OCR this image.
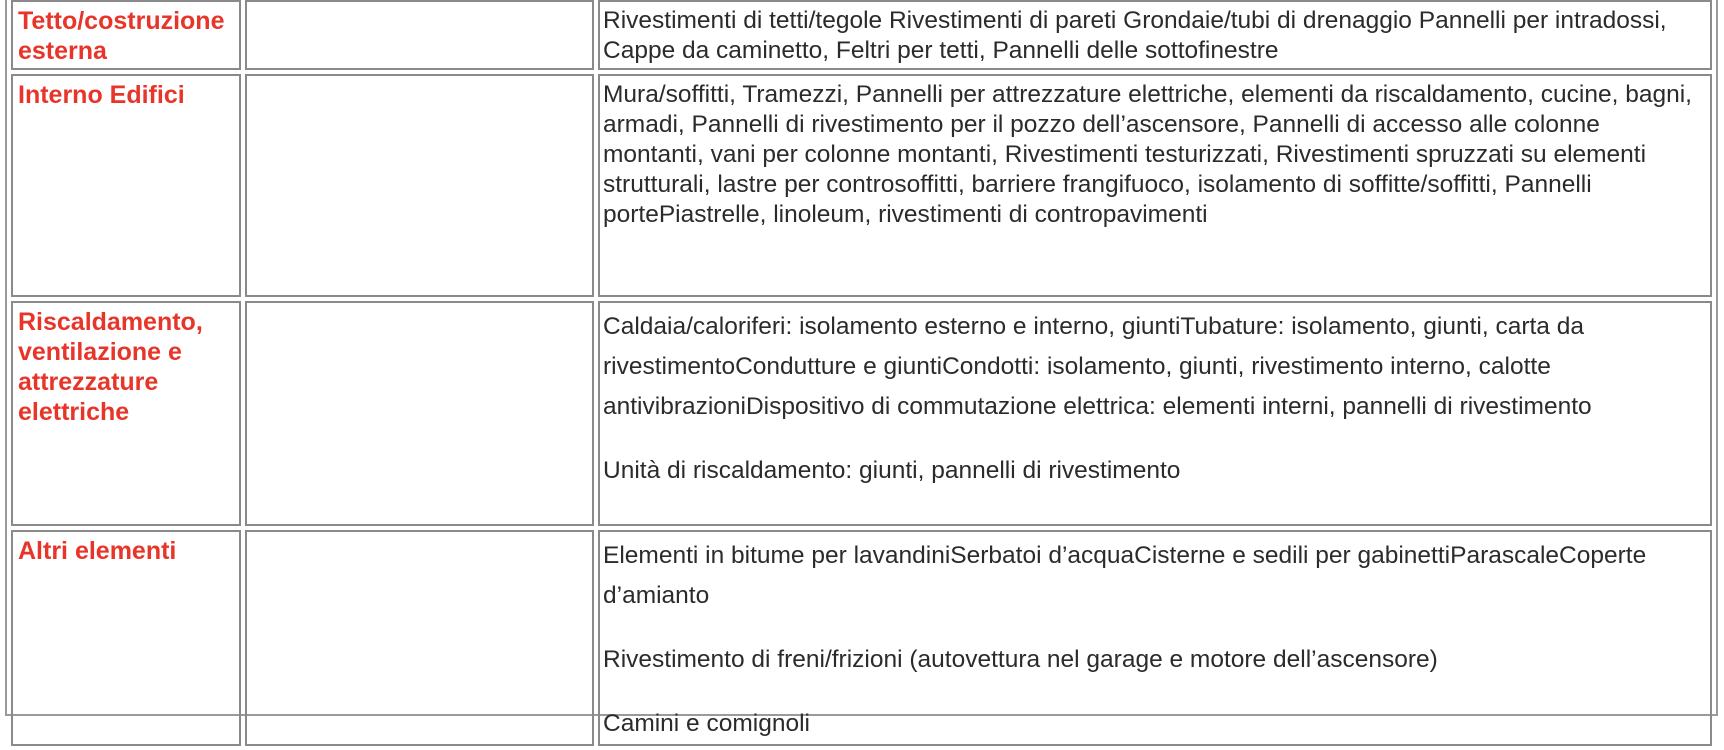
Tetto/costruzione esterna		Rivestimenti di tetti/tegole Rivestimenti di pareti Grondaie/tubi di drenaggio Pannelli per intradossi, Cappe da caminetto, Feltri per tetti, Pannelli delle sottofinestre

Interno Edifici		Mura/soffitti, Tramezzi, Pannelli per attrezzature elettriche, elementi da riscaldamento, cucine, bagni, armadi, Pannelli di rivestimento per il pozzo dell’ascensore, Pannelli di accesso alle colonne montanti, vani per colonne montanti, Rivestimenti testurizzati, Rivestimenti spruzzati su elementi strutturali, lastre per controsoffitti, barriere frangifuoco, isolamento di soffitte/soffitti, Pannelli portePiastrelle, linoleum, rivestimenti di contropavimenti

Riscaldamento, ventilazione e attrezzature elettriche		Caldaia/caloriferi: isolamento esterno e interno, giuntiTubature: isolamento, giunti, carta da rivestimentoCondutture e giuntiCondotti: isolamento, giunti, rivestimento interno, calotte antivibrazioniDispositivo di commutazione elettrica: elementi interni, pannelli di rivestimento

Unità di riscaldamento: giunti, pannelli di rivestimento

Altri elementi		Elementi in bitume per lavandiniSerbatoi d’acquaCisterne e sedili per gabinettiParascaleCoperte d’amianto

Rivestimento di freni/frizioni (autovettura nel garage e motore dell’ascensore)

Camini e comignoli
